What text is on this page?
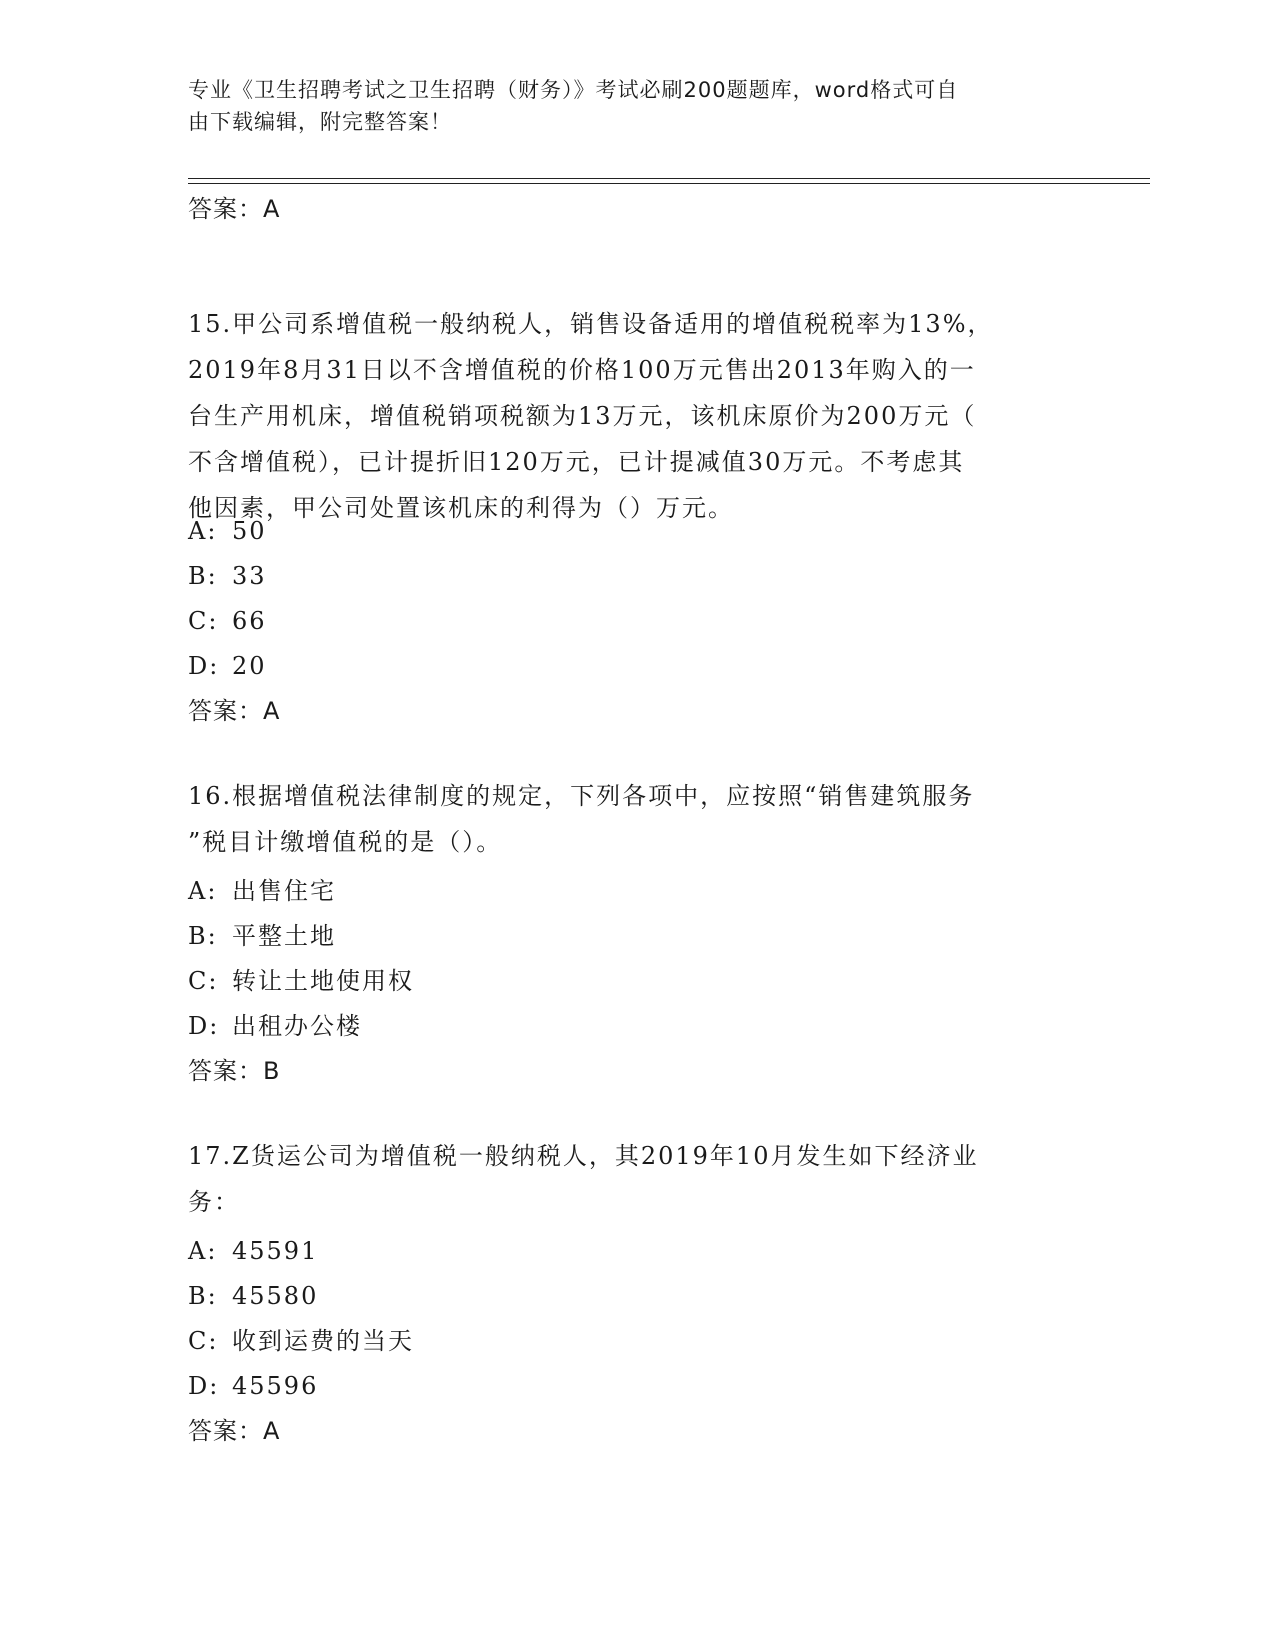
专业《卫生招聘考试之卫生招聘（财务）》考试必刷200题题库，word格式可自
由下载编辑，附完整答案！
答案：A
15.甲公司系增值税一般纳税人，销售设备适用的增值税税率为13%，
2019年8月31日以不含增值税的价格100万元售出2013年购入的一
台生产用机床，增值税销项税额为13万元，该机床原价为200万元（
不含增值税），已计提折旧120万元，已计提减值30万元。不考虑其
他因素，甲公司处置该机床的利得为（）万元。
A: 50
B: 33
C: 66
D: 20
答案：A
16.根据增值税法律制度的规定，下列各项中，应按照“销售建筑服务
”税目计缴增值税的是（）。
A: 出售住宅
B: 平整土地
C: 转让土地使用权
D: 出租办公楼
答案：B
17.Z货运公司为增值税一般纳税人，其2019年10月发生如下经济业
务：
A: 45591
B: 45580
C: 收到运费的当天
D: 45596
答案：A
